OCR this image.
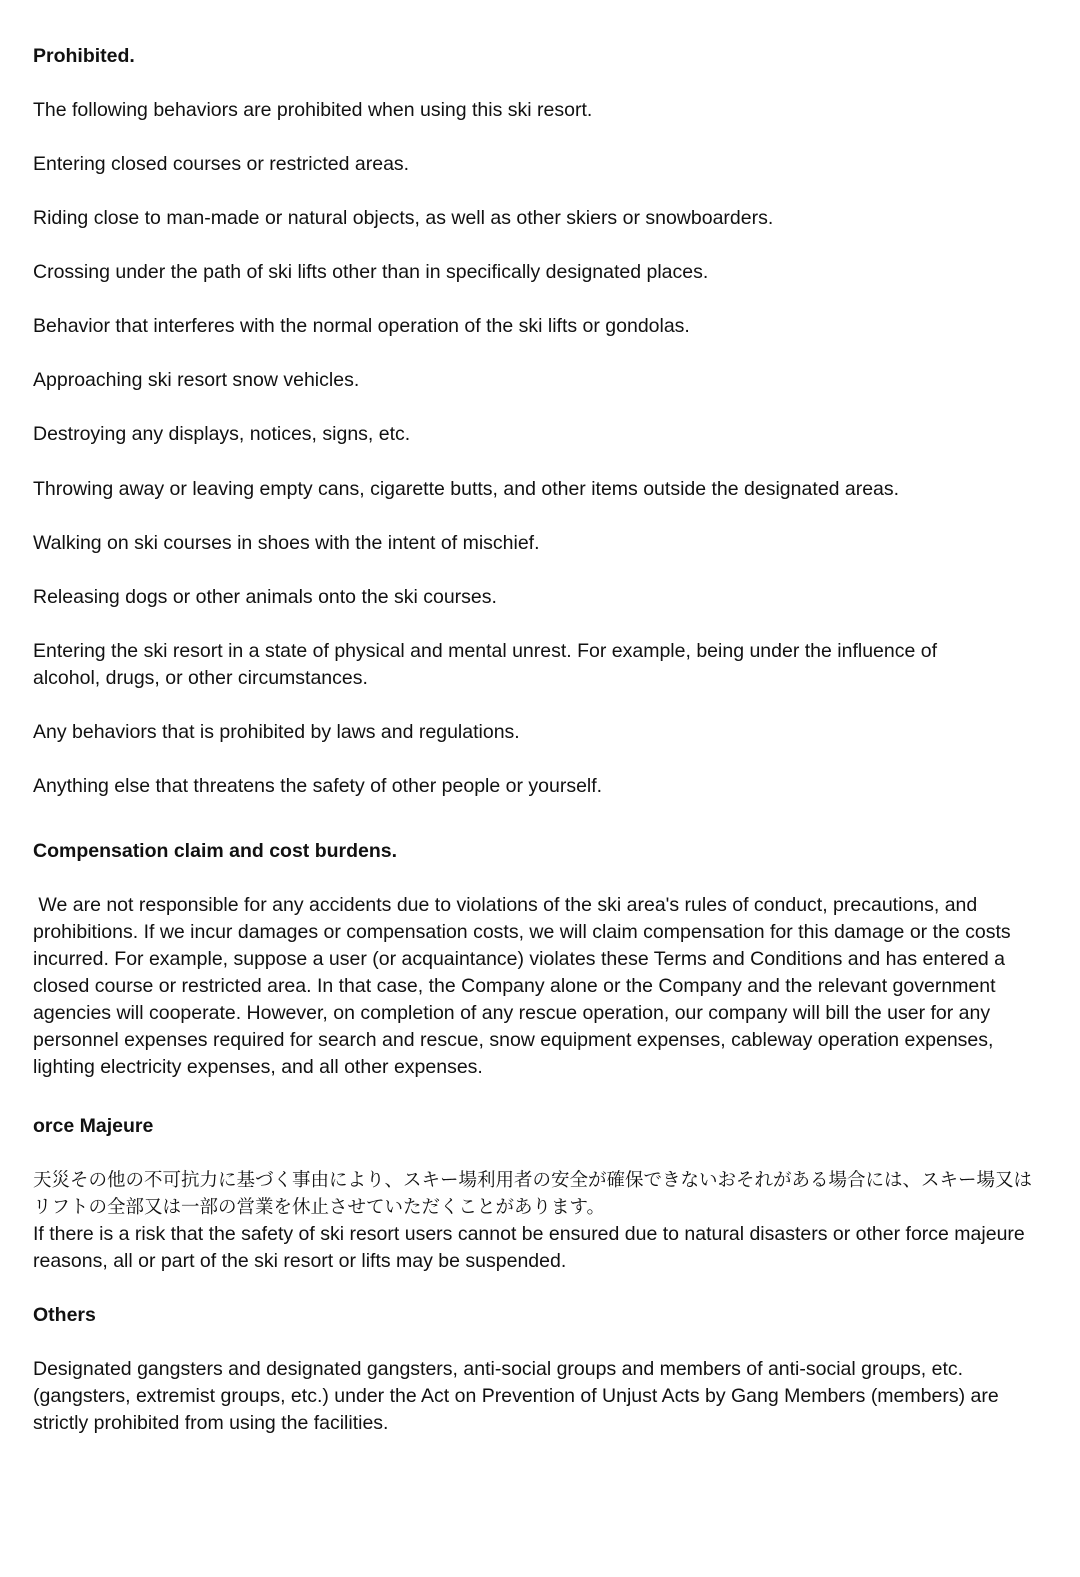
Prohibited.

The following behaviors are prohibited when using this ski resort.

Entering closed courses or restricted areas.

Riding close to man-made or natural objects, as well as other skiers or snowboarders.

Crossing under the path of ski lifts other than in specifically designated places.

Behavior that interferes with the normal operation of the ski lifts or gondolas.

Approaching ski resort snow vehicles.

Destroying any displays, notices, signs, etc.

Throwing away or leaving empty cans, cigarette butts, and other items outside the designated areas.

Walking on ski courses in shoes with the intent of mischief.

Releasing dogs or other animals onto the ski courses.

Entering the ski resort in a state of physical and mental unrest. For example, being under the influence of alcohol, drugs, or other circumstances.

Any behaviors that is prohibited by laws and regulations.

Anything else that threatens the safety of other people or yourself.

Compensation claim and cost burdens.

We are not responsible for any accidents due to violations of the ski area's rules of conduct, precautions, and prohibitions. If we incur damages or compensation costs, we will claim compensation for this damage or the costs incurred. For example, suppose a user (or acquaintance) violates these Terms and Conditions and has entered a closed course or restricted area. In that case, the Company alone or the Company and the relevant government agencies will cooperate. However, on completion of any rescue operation, our company will bill the user for any personnel expenses required for search and rescue, snow equipment expenses, cableway operation expenses, lighting electricity expenses, and all other expenses.

orce Majeure

天災その他の不可抗力に基づく事由により、スキー場利用者の安全が確保できないおそれがある場合には、スキー場又はリフトの全部又は一部の営業を休止させていただくことがあります。

If there is a risk that the safety of ski resort users cannot be ensured due to natural disasters or other force majeure reasons, all or part of the ski resort or lifts may be suspended.

Others

Designated gangsters and designated gangsters, anti-social groups and members of anti-social groups, etc. (gangsters, extremist groups, etc.) under the Act on Prevention of Unjust Acts by Gang Members (members) are strictly prohibited from using the facilities.
